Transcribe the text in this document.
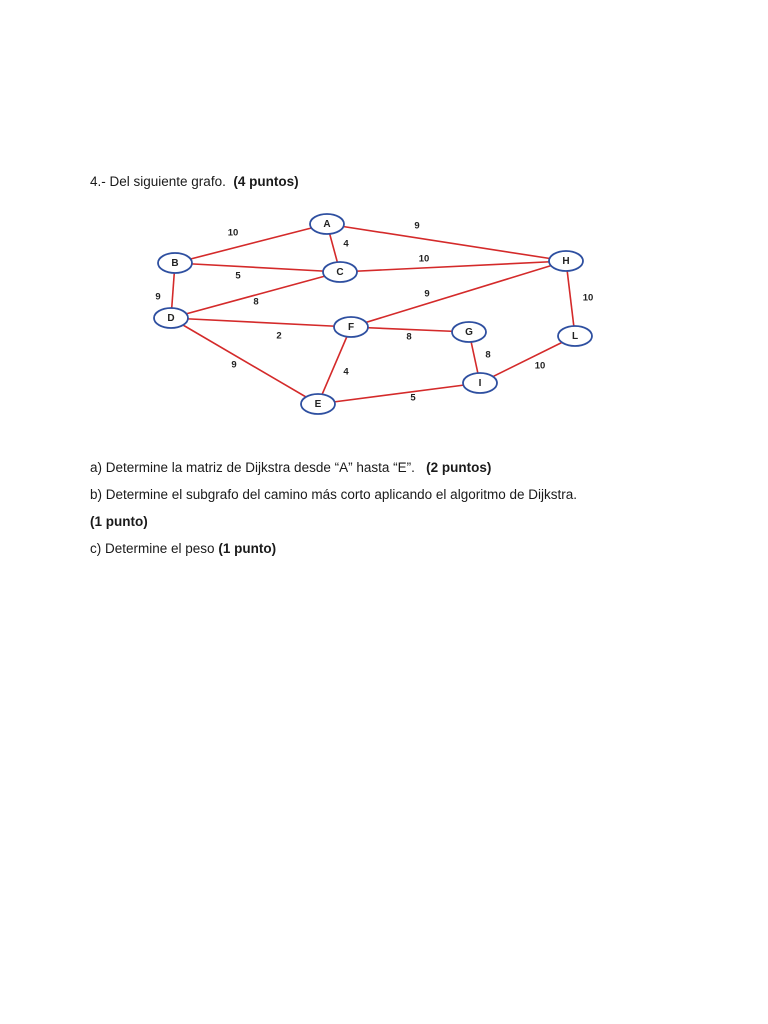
4.- Del siguiente grafo. (4 puntos)
10
4
9
5
10
9	8
9	10
2	8
9
4
8
10
5
A
B
C
D
F	G
H
L
I
E
a) Determine la matriz de Dijkstra desde “A” hasta “E”. (2 puntos)
b) Determine el subgrafo del camino más corto aplicando el algoritmo de Dijkstra.
(1 punto)
c) Determine el peso (1 punto)
